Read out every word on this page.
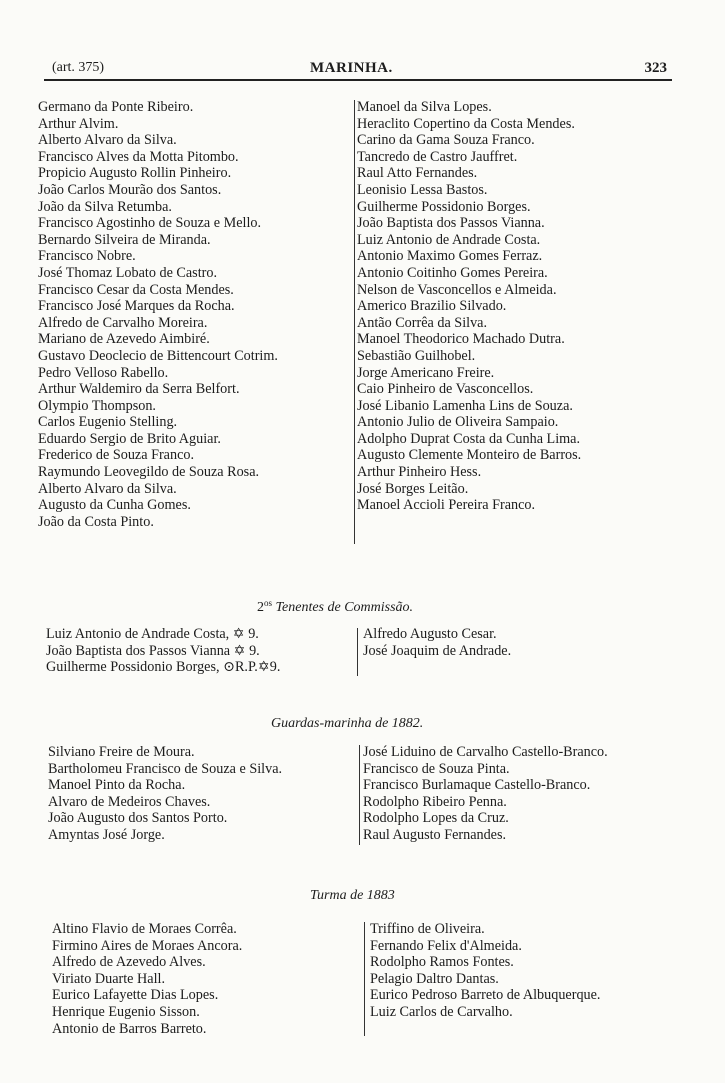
(art. 375)	MARINHA.	323
Germano da Ponte Ribeiro.
Arthur Alvim.
Alberto Alvaro da Silva.
Francisco Alves da Motta Pitombo.
Propicio Augusto Rollin Pinheiro.
João Carlos Mourão dos Santos.
João da Silva Retumba.
Francisco Agostinho de Souza e Mello.
Bernardo Silveira de Miranda.
Francisco Nobre.
José Thomaz Lobato de Castro.
Francisco Cesar da Costa Mendes.
Francisco José Marques da Rocha.
Alfredo de Carvalho Moreira.
Mariano de Azevedo Aimbiré.
Gustavo Deoclecio de Bittencourt Cotrim.
Pedro Velloso Rabello.
Arthur Waldemiro da Serra Belfort.
Olympio Thompson.
Carlos Eugenio Stelling.
Eduardo Sergio de Brito Aguiar.
Frederico de Souza Franco.
Raymundo Leovegildo de Souza Rosa.
Alberto Alvaro da Silva.
Augusto da Cunha Gomes.
João da Costa Pinto.
Manoel da Silva Lopes.
Heraclito Copertino da Costa Mendes.
Carino da Gama Souza Franco.
Tancredo de Castro Jauffret.
Raul Atto Fernandes.
Leonisio Lessa Bastos.
Guilherme Possidonio Borges.
João Baptista dos Passos Vianna.
Luiz Antonio de Andrade Costa.
Antonio Maximo Gomes Ferraz.
Antonio Coitinho Gomes Pereira.
Nelson de Vasconcellos e Almeida.
Americo Brazilio Silvado.
Antão Corrêa da Silva.
Manoel Theodorico Machado Dutra.
Sebastião Guilhobel.
Jorge Americano Freire.
Caio Pinheiro de Vasconcellos.
José Libanio Lamenha Lins de Souza.
Antonio Julio de Oliveira Sampaio.
Adolpho Duprat Costa da Cunha Lima.
Augusto Clemente Monteiro de Barros.
Arthur Pinheiro Hess.
José Borges Leitão.
Manoel Accioli Pereira Franco.
$2^{os}$ Tenentes de Commissão.
Luiz Antonio de Andrade Costa, ✡ 9.
João Baptista dos Passos Vianna ✡ 9.
Guilherme Possidonio Borges, ⊙R.P.✡9.
Alfredo Augusto Cesar.
José Joaquim de Andrade.
Guardas-marinha de 1882.
Silviano Freire de Moura.
Bartholomeu Francisco de Souza e Silva.
Manoel Pinto da Rocha.
Alvaro de Medeiros Chaves.
João Augusto dos Santos Porto.
Amyntas José Jorge.
José Liduino de Carvalho Castello-Branco.
Francisco de Souza Pinta.
Francisco Burlamaque Castello-Branco.
Rodolpho Ribeiro Penna.
Rodolpho Lopes da Cruz.
Raul Augusto Fernandes.
Turma de 1883
Altino Flavio de Moraes Corrêa.
Firmino Aires de Moraes Ancora.
Alfredo de Azevedo Alves.
Viriato Duarte Hall.
Eurico Lafayette Dias Lopes.
Henrique Eugenio Sisson.
Antonio de Barros Barreto.
Triffino de Oliveira.
Fernando Felix d'Almeida.
Rodolpho Ramos Fontes.
Pelagio Daltro Dantas.
Eurico Pedroso Barreto de Albuquerque.
Luiz Carlos de Carvalho.
